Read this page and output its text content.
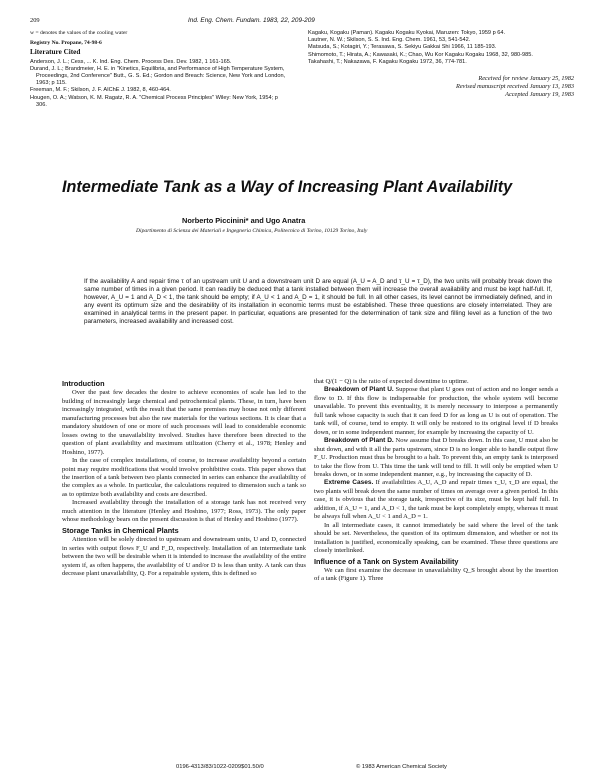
209	Ind. Eng. Chem. Fundam. 1983, 22, 209-209

w = denotes the values of the cooling water

Registry No. Propane, 74-98-6

Literature Cited

Anderson, J. L.; Cess, ... K. Ind. Eng. Chem. Process Des. Dev. 1982, 1 161-165.

Durand, J. L.; Brandmeier, H. E. in "Kinetics, Equilibria, and Performance of High Temperature System, Proceedings, 2nd Conference" Butt., G. S. Ed.; Gordon and Breach: Science, New York and London, 1963; p 115.

Freeman, M. F.; Skilson, J. F. AIChE J. 1982, 8, 460-464.

Hougen, O. A.; Watson, K. M. Ragatz, R. A. "Chemical Process Principles" Wiley: New York, 1954; p 306.

Kagaku, Kogaku (Paman). Kagaku Kogaku Kyokai, Maruzen: Tokyo, 1959 p 64.

Lautner, N. W.; Skilson, S. S. Ind. Eng. Chem. 1961, 53, 541-542.

Matsuda, S.; Kotagiri, Y.; Terasawa, S. Sekiyu Gakkai Shi 1966, 11 185-193.

Shimomoto, T.; Hirata, A.; Kawasaki, K.; Chao, Wu Kor Kagaku Kogaku 1968, 32, 980-985.

Takahashi, T.; Nakazawa, F. Kagaku Kogaku 1972, 36, 774-781.

Received for review January 25, 1982

Revised manuscript received January 13, 1983

Accepted January 19, 1983

Intermediate Tank as a Way of Increasing Plant Availability
Norberto Piccinini* and Ugo Anatra
Dipartimento di Scienza dei Materiali e Ingegneria Chimica, Politecnico di Torino, 10129 Torino, Italy
If the availability A and repair time τ of an upstream unit U and a downstream unit D are equal (A_U = A_D and τ_U = τ_D), the two units will probably break down the same number of times in a given period. It can readily be deduced that a tank installed between them will increase the overall availability and must be kept half-full. If, however, A_U = 1 and A_D < 1, the tank should be empty; if A_U < 1 and A_D = 1, it should be full. In all other cases, its level cannot be immediately defined, and in any event its optimum size and the desirability of its installation in economic terms must be established. These three questions are closely interrelated. They are examined in analytical terms in the present paper. In particular, equations are presented for the determination of tank size and filling level as a function of the two parameters, increased availability and increased cost.

Introduction

Over the past few decades the desire to achieve economies of scale has led to the building of increasingly large chemical and petrochemical plants. These, in turn, have been increasingly integrated, with the result that the same premises may house not only different manufacturing processes but also the raw materials for the various sections. It is clear that a mandatory shutdown of one or more of such processes will lead to considerable economic losses owing to the unavailability involved. Studies have therefore been directed to the question of plant availability and maximum utilization (Cherry et al., 1978; Henley and Hoshino, 1977).

In the case of complex installations, of course, to increase availability beyond a certain point may require modifications that would involve prohibitive costs. This paper shows that the insertion of a tank between two plants connected in series can enhance the availability of the complex as a whole. In particular, the calculations required to dimension such a tank so as to optimize both availability and costs are described.

Increased availability through the installation of a storage tank has not received very much attention in the literature (Henley and Hoshino, 1977; Ross, 1973). The only paper whose methodology bears on the present discussion is that of Henley and Hoshino (1977).

Storage Tanks in Chemical Plants

Attention will be solely directed to upstream and downstream units, U and D, connected in series with output flows F_U and F_D, respectively. Installation of an intermediate tank between the two will be desirable when it is intended to increase the availability of the entire system if, as often happens, the availability of U and/or D is less than unity. A tank can thus decrease plant unavailability, Q. For a repairable system, this is defined so

that Q/(1 − Q) is the ratio of expected downtime to uptime.

Breakdown of Plant U. Suppose that plant U goes out of action and no longer sends a flow to D. If this flow is indispensable for production, the whole system will become unavailable. To prevent this eventuality, it is merely necessary to interpose a permanently full tank whose capacity is such that it can feed D for as long as U is out of operation. The tank will, of course, tend to empty. It will only be restored to its original level if D breaks down, or in some independent manner, for example by increasing the capacity of U.

Breakdown of Plant D. Now assume that D breaks down. In this case, U must also be shut down, and with it all the parts upstream, since D is no longer able to handle output flow F_U. Production must thus be brought to a halt. To prevent this, an empty tank is interposed to take the flow from U. This time the tank will tend to fill. It will only be emptied when U breaks down, or in some independent manner, e.g., by increasing the capacity of D.

Extreme Cases. If availabilities A_U, A_D and repair times τ_U, τ_D are equal, the two plants will break down the same number of times on average over a given period. In this case, it is obvious that the storage tank, irrespective of its size, must be kept half full. In addition, if A_U = 1, and A_D < 1, the tank must be kept completely empty, whereas it must be always full when A_U < 1 and A_D = 1.

In all intermediate cases, it cannot immediately be said where the level of the tank should be set. Nevertheless, the question of its optimum dimension, and whether or not its installation is justified, economically speaking, can be examined. These three questions are closely interlinked.

Influence of a Tank on System Availability

We can first examine the decrease in unavailability Q_S brought about by the insertion of a tank (Figure 1). Three

0196-4313/83/1022-0209$01.50/0	© 1983 American Chemical Society
